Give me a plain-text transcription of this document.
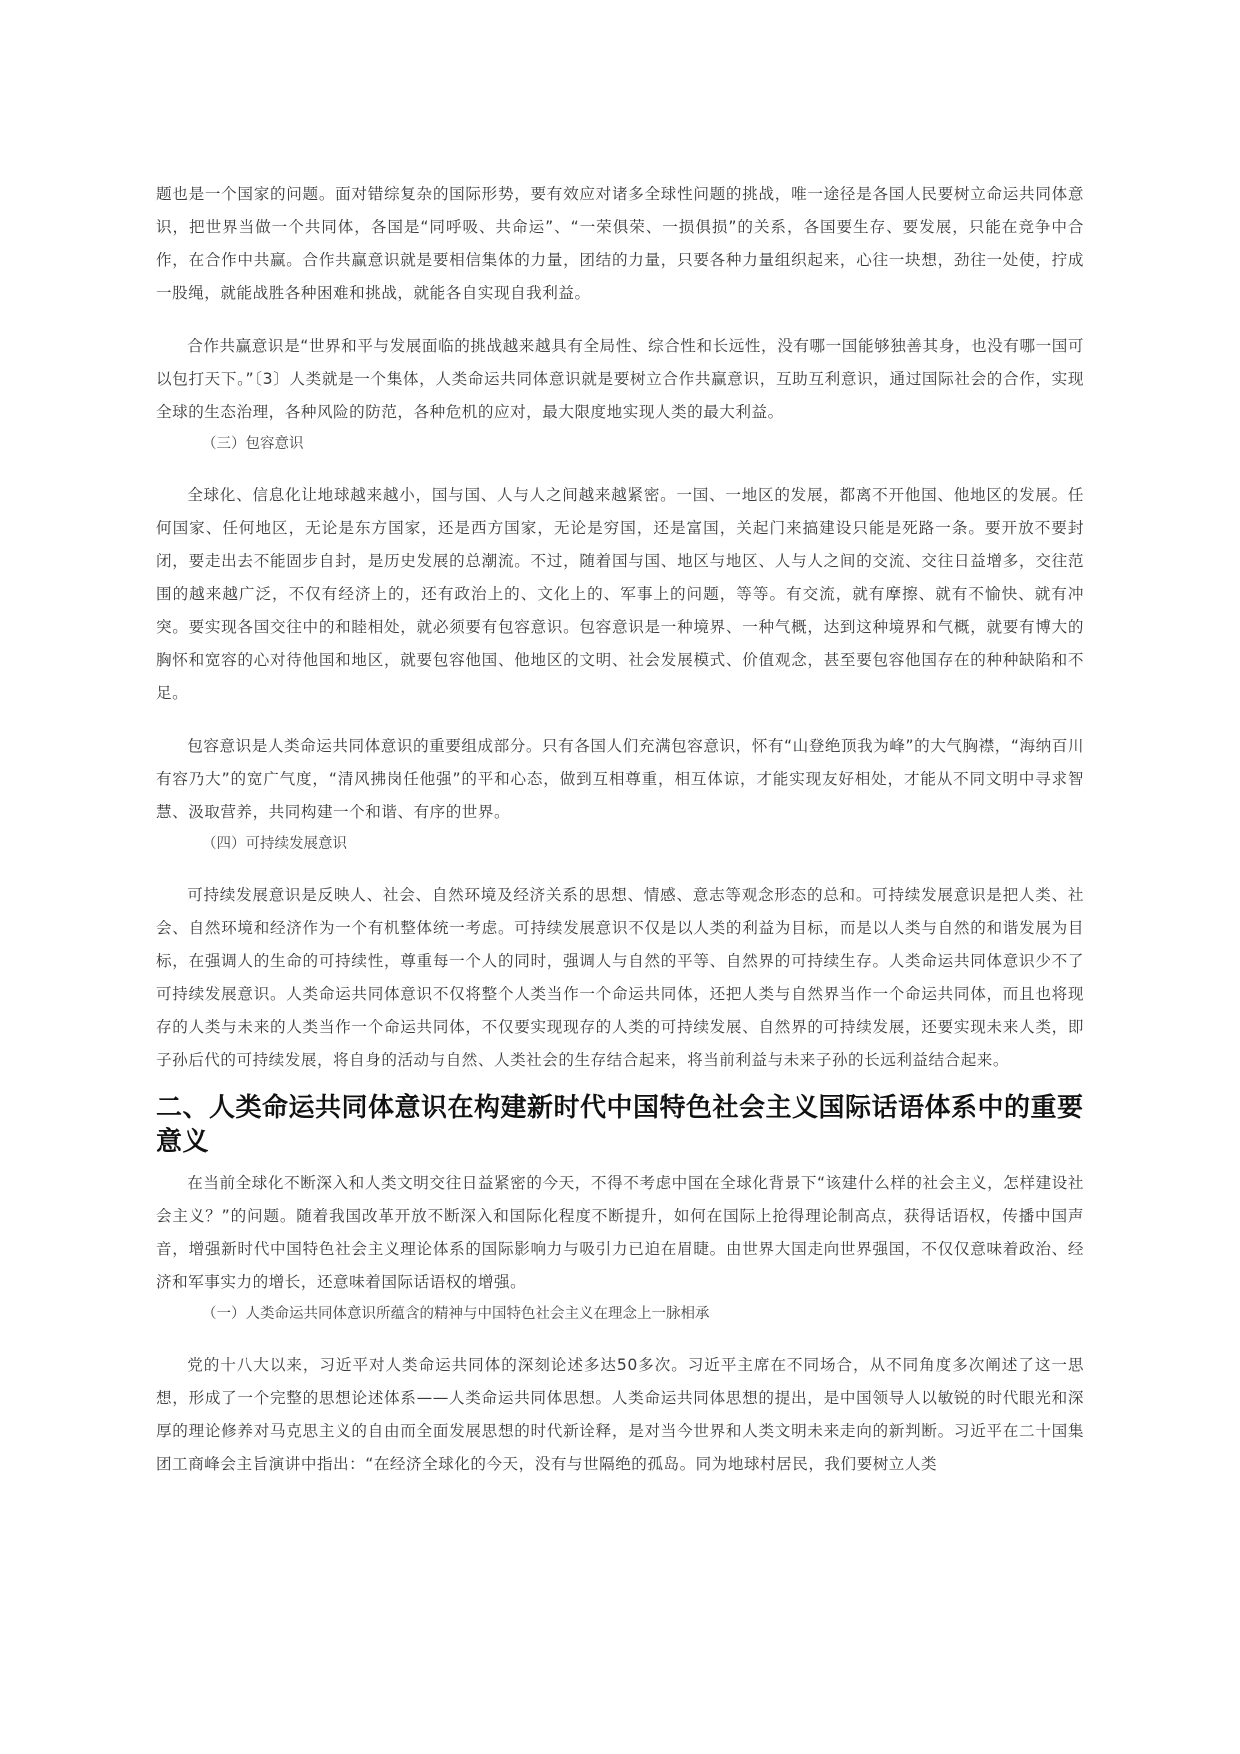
题也是一个国家的问题。面对错综复杂的国际形势，要有效应对诸多全球性问题的挑战，唯一途径是各国人民要树立命运共同体意识，把世界当做一个共同体，各国是“同呼吸、共命运”、“一荣俱荣、一损俱损”的关系，各国要生存、要发展，只能在竞争中合作，在合作中共赢。合作共赢意识就是要相信集体的力量，团结的力量，只要各种力量组织起来，心往一块想，劲往一处使，拧成一股绳，就能战胜各种困难和挑战，就能各自实现自我利益。

合作共赢意识是“世界和平与发展面临的挑战越来越具有全局性、综合性和长远性，没有哪一国能够独善其身，也没有哪一国可以包打天下。”〔3〕人类就是一个集体，人类命运共同体意识就是要树立合作共赢意识，互助互利意识，通过国际社会的合作，实现全球的生态治理，各种风险的防范，各种危机的应对，最大限度地实现人类的最大利益。

（三）包容意识

全球化、信息化让地球越来越小，国与国、人与人之间越来越紧密。一国、一地区的发展，都离不开他国、他地区的发展。任何国家、任何地区，无论是东方国家，还是西方国家，无论是穷国，还是富国，关起门来搞建设只能是死路一条。要开放不要封闭，要走出去不能固步自封，是历史发展的总潮流。不过，随着国与国、地区与地区、人与人之间的交流、交往日益增多，交往范围的越来越广泛，不仅有经济上的，还有政治上的、文化上的、军事上的问题，等等。有交流，就有摩擦、就有不愉快、就有冲突。要实现各国交往中的和睦相处，就必须要有包容意识。包容意识是一种境界、一种气概，达到这种境界和气概，就要有博大的胸怀和宽容的心对待他国和地区，就要包容他国、他地区的文明、社会发展模式、价值观念，甚至要包容他国存在的种种缺陷和不足。

包容意识是人类命运共同体意识的重要组成部分。只有各国人们充满包容意识，怀有“山登绝顶我为峰”的大气胸襟，“海纳百川有容乃大”的宽广气度，“清风拂岗任他强”的平和心态，做到互相尊重，相互体谅，才能实现友好相处，才能从不同文明中寻求智慧、汲取营养，共同构建一个和谐、有序的世界。

（四）可持续发展意识

可持续发展意识是反映人、社会、自然环境及经济关系的思想、情感、意志等观念形态的总和。可持续发展意识是把人类、社会、自然环境和经济作为一个有机整体统一考虑。可持续发展意识不仅是以人类的利益为目标，而是以人类与自然的和谐发展为目标，在强调人的生命的可持续性，尊重每一个人的同时，强调人与自然的平等、自然界的可持续生存。人类命运共同体意识少不了可持续发展意识。人类命运共同体意识不仅将整个人类当作一个命运共同体，还把人类与自然界当作一个命运共同体，而且也将现存的人类与未来的人类当作一个命运共同体，不仅要实现现存的人类的可持续发展、自然界的可持续发展，还要实现未来人类，即子孙后代的可持续发展，将自身的活动与自然、人类社会的生存结合起来，将当前利益与未来子孙的长远利益结合起来。

二、人类命运共同体意识在构建新时代中国特色社会主义国际话语体系中的重要意义

在当前全球化不断深入和人类文明交往日益紧密的今天，不得不考虑中国在全球化背景下“该建什么样的社会主义，怎样建设社会主义？”的问题。随着我国改革开放不断深入和国际化程度不断提升，如何在国际上抢得理论制高点，获得话语权，传播中国声音，增强新时代中国特色社会主义理论体系的国际影响力与吸引力已迫在眉睫。由世界大国走向世界强国，不仅仅意味着政治、经济和军事实力的增长，还意味着国际话语权的增强。

（一）人类命运共同体意识所蕴含的精神与中国特色社会主义在理念上一脉相承

党的十八大以来，习近平对人类命运共同体的深刻论述多达50多次。习近平主席在不同场合，从不同角度多次阐述了这一思想，形成了一个完整的思想论述体系——人类命运共同体思想。人类命运共同体思想的提出，是中国领导人以敏锐的时代眼光和深厚的理论修养对马克思主义的自由而全面发展思想的时代新诠释，是对当今世界和人类文明未来走向的新判断。习近平在二十国集团工商峰会主旨演讲中指出：“在经济全球化的今天，没有与世隔绝的孤岛。同为地球村居民，我们要树立人类
